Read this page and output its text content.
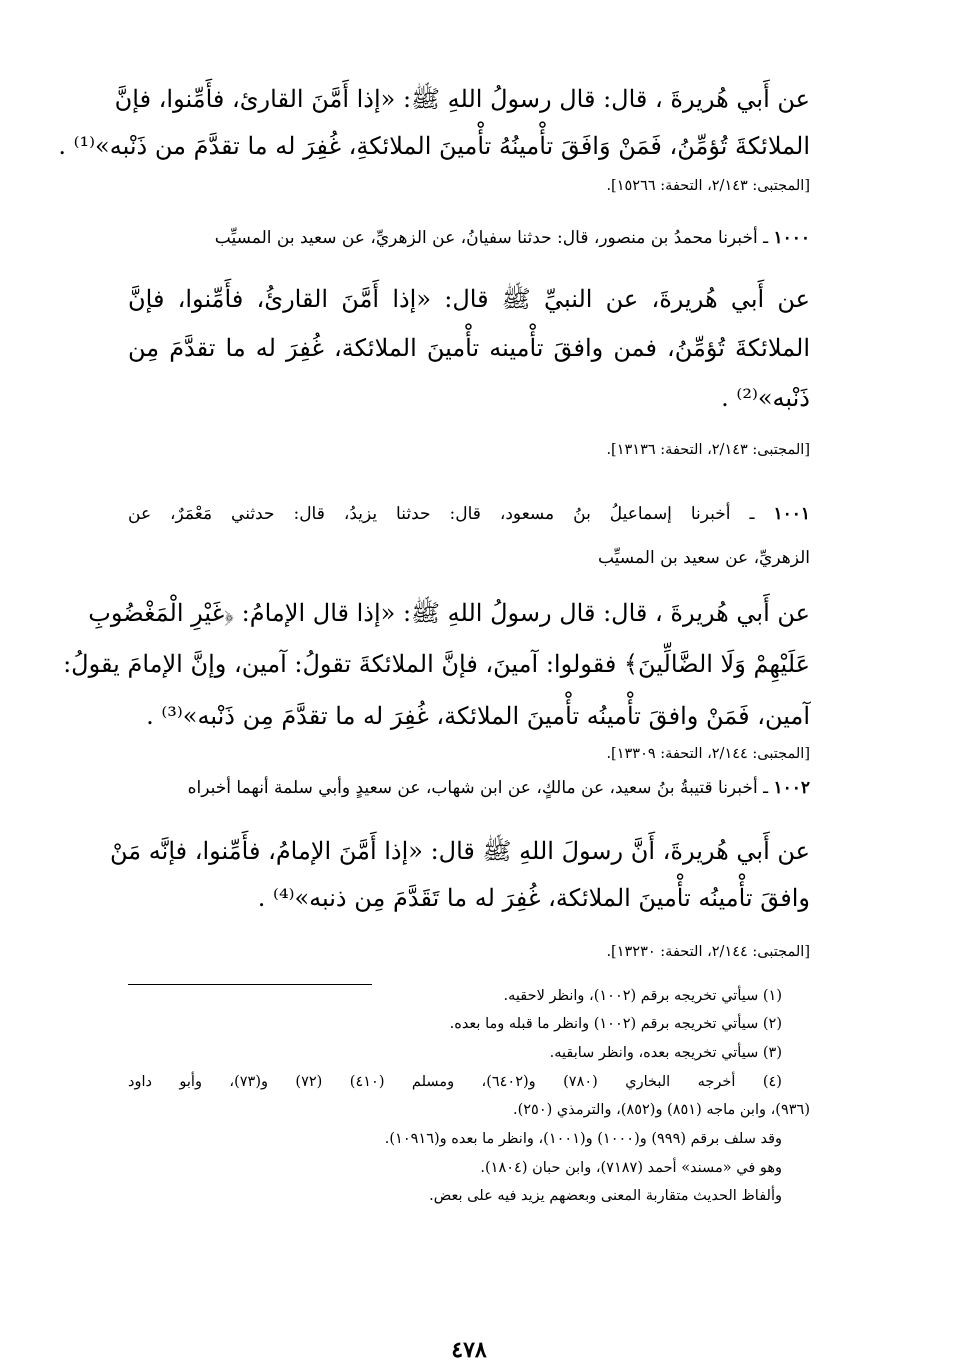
عن أَبي هُريرةَ ، قال: قال رسولُ اللهِ ﷺ: «إذا أَمَّنَ القارئ، فأَمِّنوا، فإنَّ
الملائكةَ تُؤمِّنُ، فَمَنْ وَافَقَ تأْمينُهُ تأْمينَ الملائكةِ، غُفِرَ له ما تقدَّمَ من ذَنْبه»⁽¹⁾ .
[المجتبى: ٢/١٤٣، التحفة: ١٥٢٦٦].
١٠٠٠ ـ أخبرنا محمدُ بن منصور، قال: حدثنا سفيانُ، عن الزهريِّ، عن سعيد بن المسيِّب
عن أَبي هُريرةَ، عن النبيِّ ﷺ قال: «إذا أَمَّنَ القارئُ، فأَمِّنوا، فإنَّ
الملائكةَ تُؤمِّنُ، فمن وافقَ تأْمينه تأْمينَ الملائكة، غُفِرَ له ما تقدَّمَ مِن
ذَنْبه»⁽²⁾ .
[المجتبى: ٢/١٤٣، التحفة: ١٣١٣٦].
١٠٠١ ـ أخبرنا إسماعيلُ بنُ مسعود، قال: حدثنا يزيدُ، قال: حدثني مَعْمَرٌ، عن
الزهريِّ، عن سعيد بن المسيِّب
عن أَبي هُريرةَ ، قال: قال رسولُ اللهِ ﷺ: «إذا قال الإمامُ: ﴿غَيْرِ الْمَغْضُوبِ
عَلَيْهِمْ وَلَا الضَّالِّينَ﴾ فقولوا: آمينَ، فإنَّ الملائكةَ تقولُ: آمين، وإنَّ الإمامَ يقولُ:
آمين، فَمَنْ وافقَ تأْمينُه تأْمينَ الملائكة، غُفِرَ له ما تقدَّمَ مِن ذَنْبه»⁽³⁾ .
[المجتبى: ٢/١٤٤، التحفة: ١٣٣٠٩].
١٠٠٢ ـ أخبرنا قتيبةُ بنُ سعيد، عن مالكٍ، عن ابن شهاب، عن سعيدٍ وأبي سلمة أنهما أخبراه
عن أَبي هُريرةَ، أَنَّ رسولَ اللهِ ﷺ قال: «إذا أَمَّنَ الإمامُ، فأَمِّنوا، فإنَّه مَنْ
وافقَ تأْمينُه تأْمينَ الملائكة، غُفِرَ له ما تَقَدَّمَ مِن ذنبه»⁽⁴⁾ .
[المجتبى: ٢/١٤٤، التحفة: ١٣٢٣٠].
(١) سيأتي تخريجه برقم (١٠٠٢)، وانظر لاحقيه.
(٢) سيأتي تخريجه برقم (١٠٠٢) وانظر ما قبله وما بعده.
(٣) سيأتي تخريجه بعده، وانظر سابقيه.
(٤) أخرجه البخاري (٧٨٠) و(٦٤٠٢)، ومسلم (٤١٠) (٧٢) و(٧٣)، وأبو داود
(٩٣٦)، وابن ماجه (٨٥١) و(٨٥٢)، والترمذي (٢٥٠).
وقد سلف برقم (٩٩٩) و(١٠٠٠) و(١٠٠١)، وانظر ما بعده و(١٠٩١٦).
وهو في «مسند» أحمد (٧١٨٧)، وابن حبان (١٨٠٤).
وألفاظ الحديث متقاربة المعنى وبعضهم يزيد فيه على بعض.
٤٧٨
